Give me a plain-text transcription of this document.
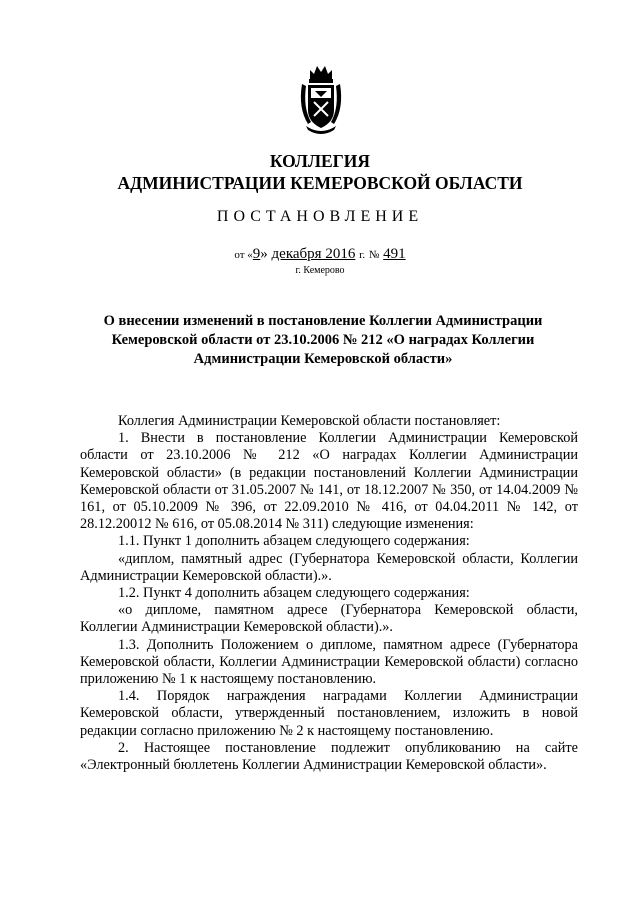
КОЛЛЕГИЯ
АДМИНИСТРАЦИИ КЕМЕРОВСКОЙ ОБЛАСТИ
ПОСТАНОВЛЕНИЕ
от «9» декабря 2016 г. № 491
г. Кемерово
О внесении изменений в постановление Коллегии Администрации Кемеровской области от 23.10.2006 № 212 «О наградах Коллегии Администрации Кемеровской области»

Коллегия Администрации Кемеровской области постановляет:

1. Внести в постановление Коллегии Администрации Кемеровской области от 23.10.2006 № 212 «О наградах Коллегии Администрации Кемеровской области» (в редакции постановлений Коллегии Администрации Кемеровской области от 31.05.2007 № 141, от 18.12.2007 № 350, от 14.04.2009 № 161, от 05.10.2009 № 396, от 22.09.2010 № 416, от 04.04.2011 № 142, от 28.12.20012 № 616, от 05.08.2014 № 311) следующие изменения:

1.1. Пункт 1 дополнить абзацем следующего содержания:

«диплом, памятный адрес (Губернатора Кемеровской области, Коллегии Администрации Кемеровской области).».

1.2. Пункт 4 дополнить абзацем следующего содержания:

«о дипломе, памятном адресе (Губернатора Кемеровской области, Коллегии Администрации Кемеровской области).».

1.3. Дополнить Положением о дипломе, памятном адресе (Губернатора Кемеровской области, Коллегии Администрации Кемеровской области) согласно приложению № 1 к настоящему постановлению.

1.4. Порядок награждения наградами Коллегии Администрации Кемеровской области, утвержденный постановлением, изложить в новой редакции согласно приложению № 2 к настоящему постановлению.

2. Настоящее постановление подлежит опубликованию на сайте «Электронный бюллетень Коллегии Администрации Кемеровской области».
